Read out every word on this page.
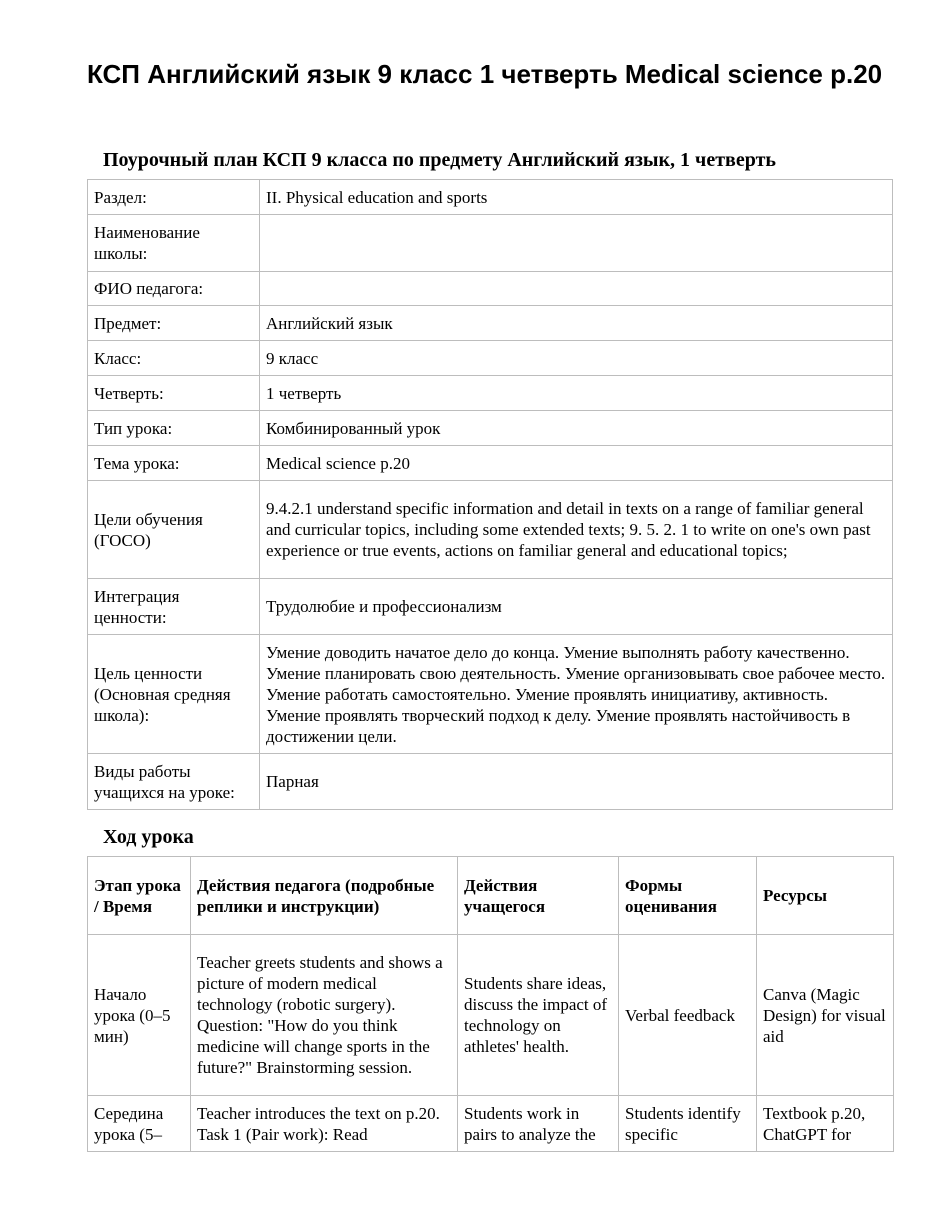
КСП Английский язык 9 класс 1 четверть Medical science p.20
Поурочный план КСП 9 класса по предмету Английский язык, 1 четверть
Раздел:	II. Physical education and sports
Наименование школы:	
ФИО педагога:	
Предмет:	Английский язык
Класс:	9 класс
Четверть:	1 четверть
Тип урока:	Комбинированный урок
Тема урока:	Medical science p.20
Цели обучения (ГОСО)	9.4.2.1 understand specific information and detail in texts on a range of familiar general and curricular topics, including some extended texts; 9. 5. 2. 1 to write on one's own past experience or true events, actions on familiar general and educational topics;
Интеграция ценности:	Трудолюбие и профессионализм
Цель ценности (Основная средняя школа):	Умение доводить начатое дело до конца. Умение выполнять работу качественно. Умение планировать свою деятельность. Умение организовывать свое рабочее место. Умение работать самостоятельно. Умение проявлять инициативу, активность. Умение проявлять творческий подход к делу. Умение проявлять настойчивость в достижении цели.
Виды работы учащихся на уроке:	Парная
Ход урока
Этап урока / Время	Действия педагога (подробные реплики и инструкции)	Действия учащегося	Формы оценивания	Ресурсы
Начало урока (0–5 мин)	Teacher greets students and shows a picture of modern medical technology (robotic surgery). Question: "How do you think medicine will change sports in the future?" Brainstorming session.	Students share ideas, discuss the impact of technology on athletes' health.	Verbal feedback	Canva (Magic Design) for visual aid
Середина урока (5–	Teacher introduces the text on p.20. Task 1 (Pair work): Read	Students work in pairs to analyze the	Students identify specific	Textbook p.20, ChatGPT for
